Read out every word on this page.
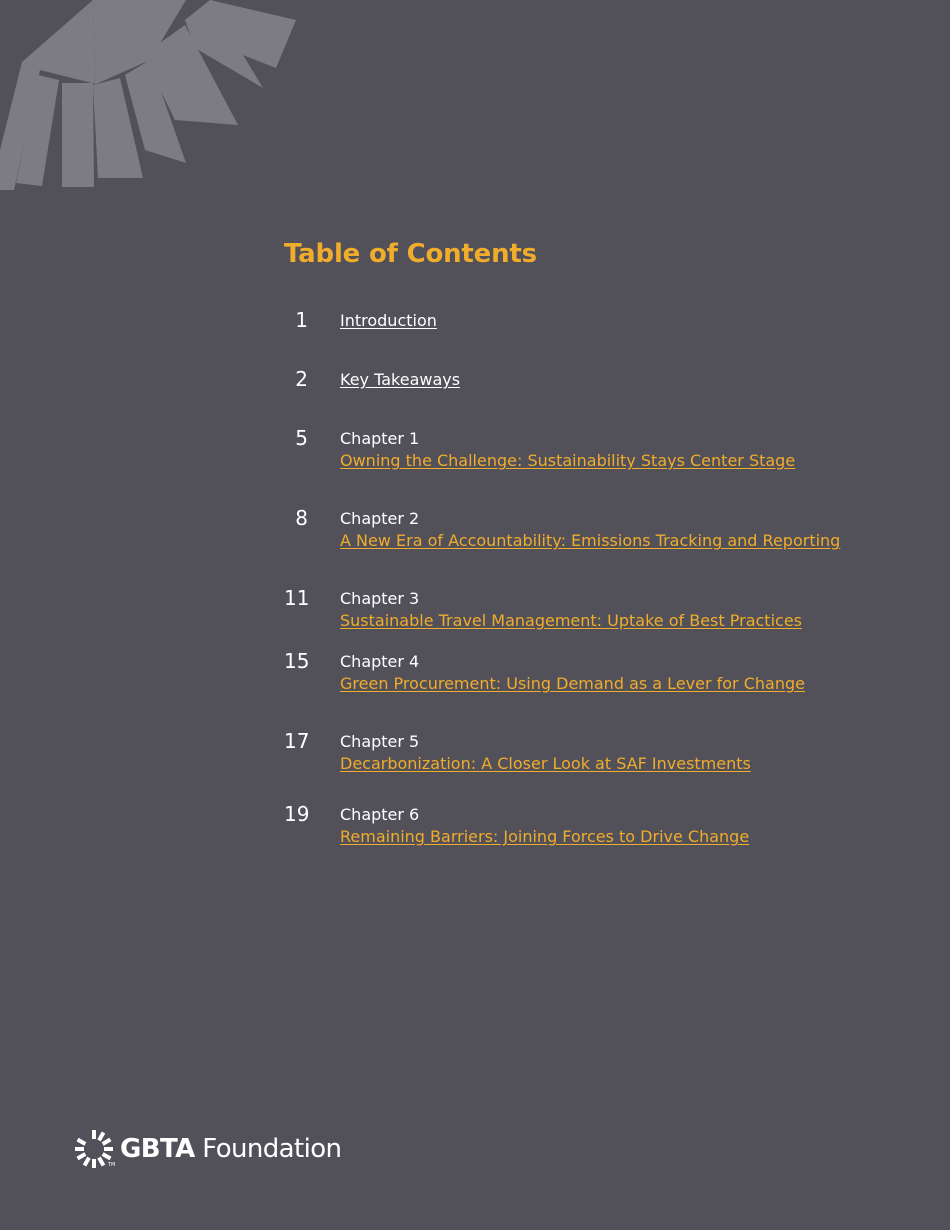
Table of Contents
1 Introduction
2 Key Takeaways
5 Chapter 1
Owning the Challenge: Sustainability Stays Center Stage
8 Chapter 2
A New Era of Accountability: Emissions Tracking and Reporting
11 Chapter 3
Sustainable Travel Management: Uptake of Best Practices
15 Chapter 4
Green Procurement: Using Demand as a Lever for Change
17 Chapter 5
Decarbonization: A Closer Look at SAF Investments
19 Chapter 6
Remaining Barriers: Joining Forces to Drive Change
TM
GBTA Foundation
